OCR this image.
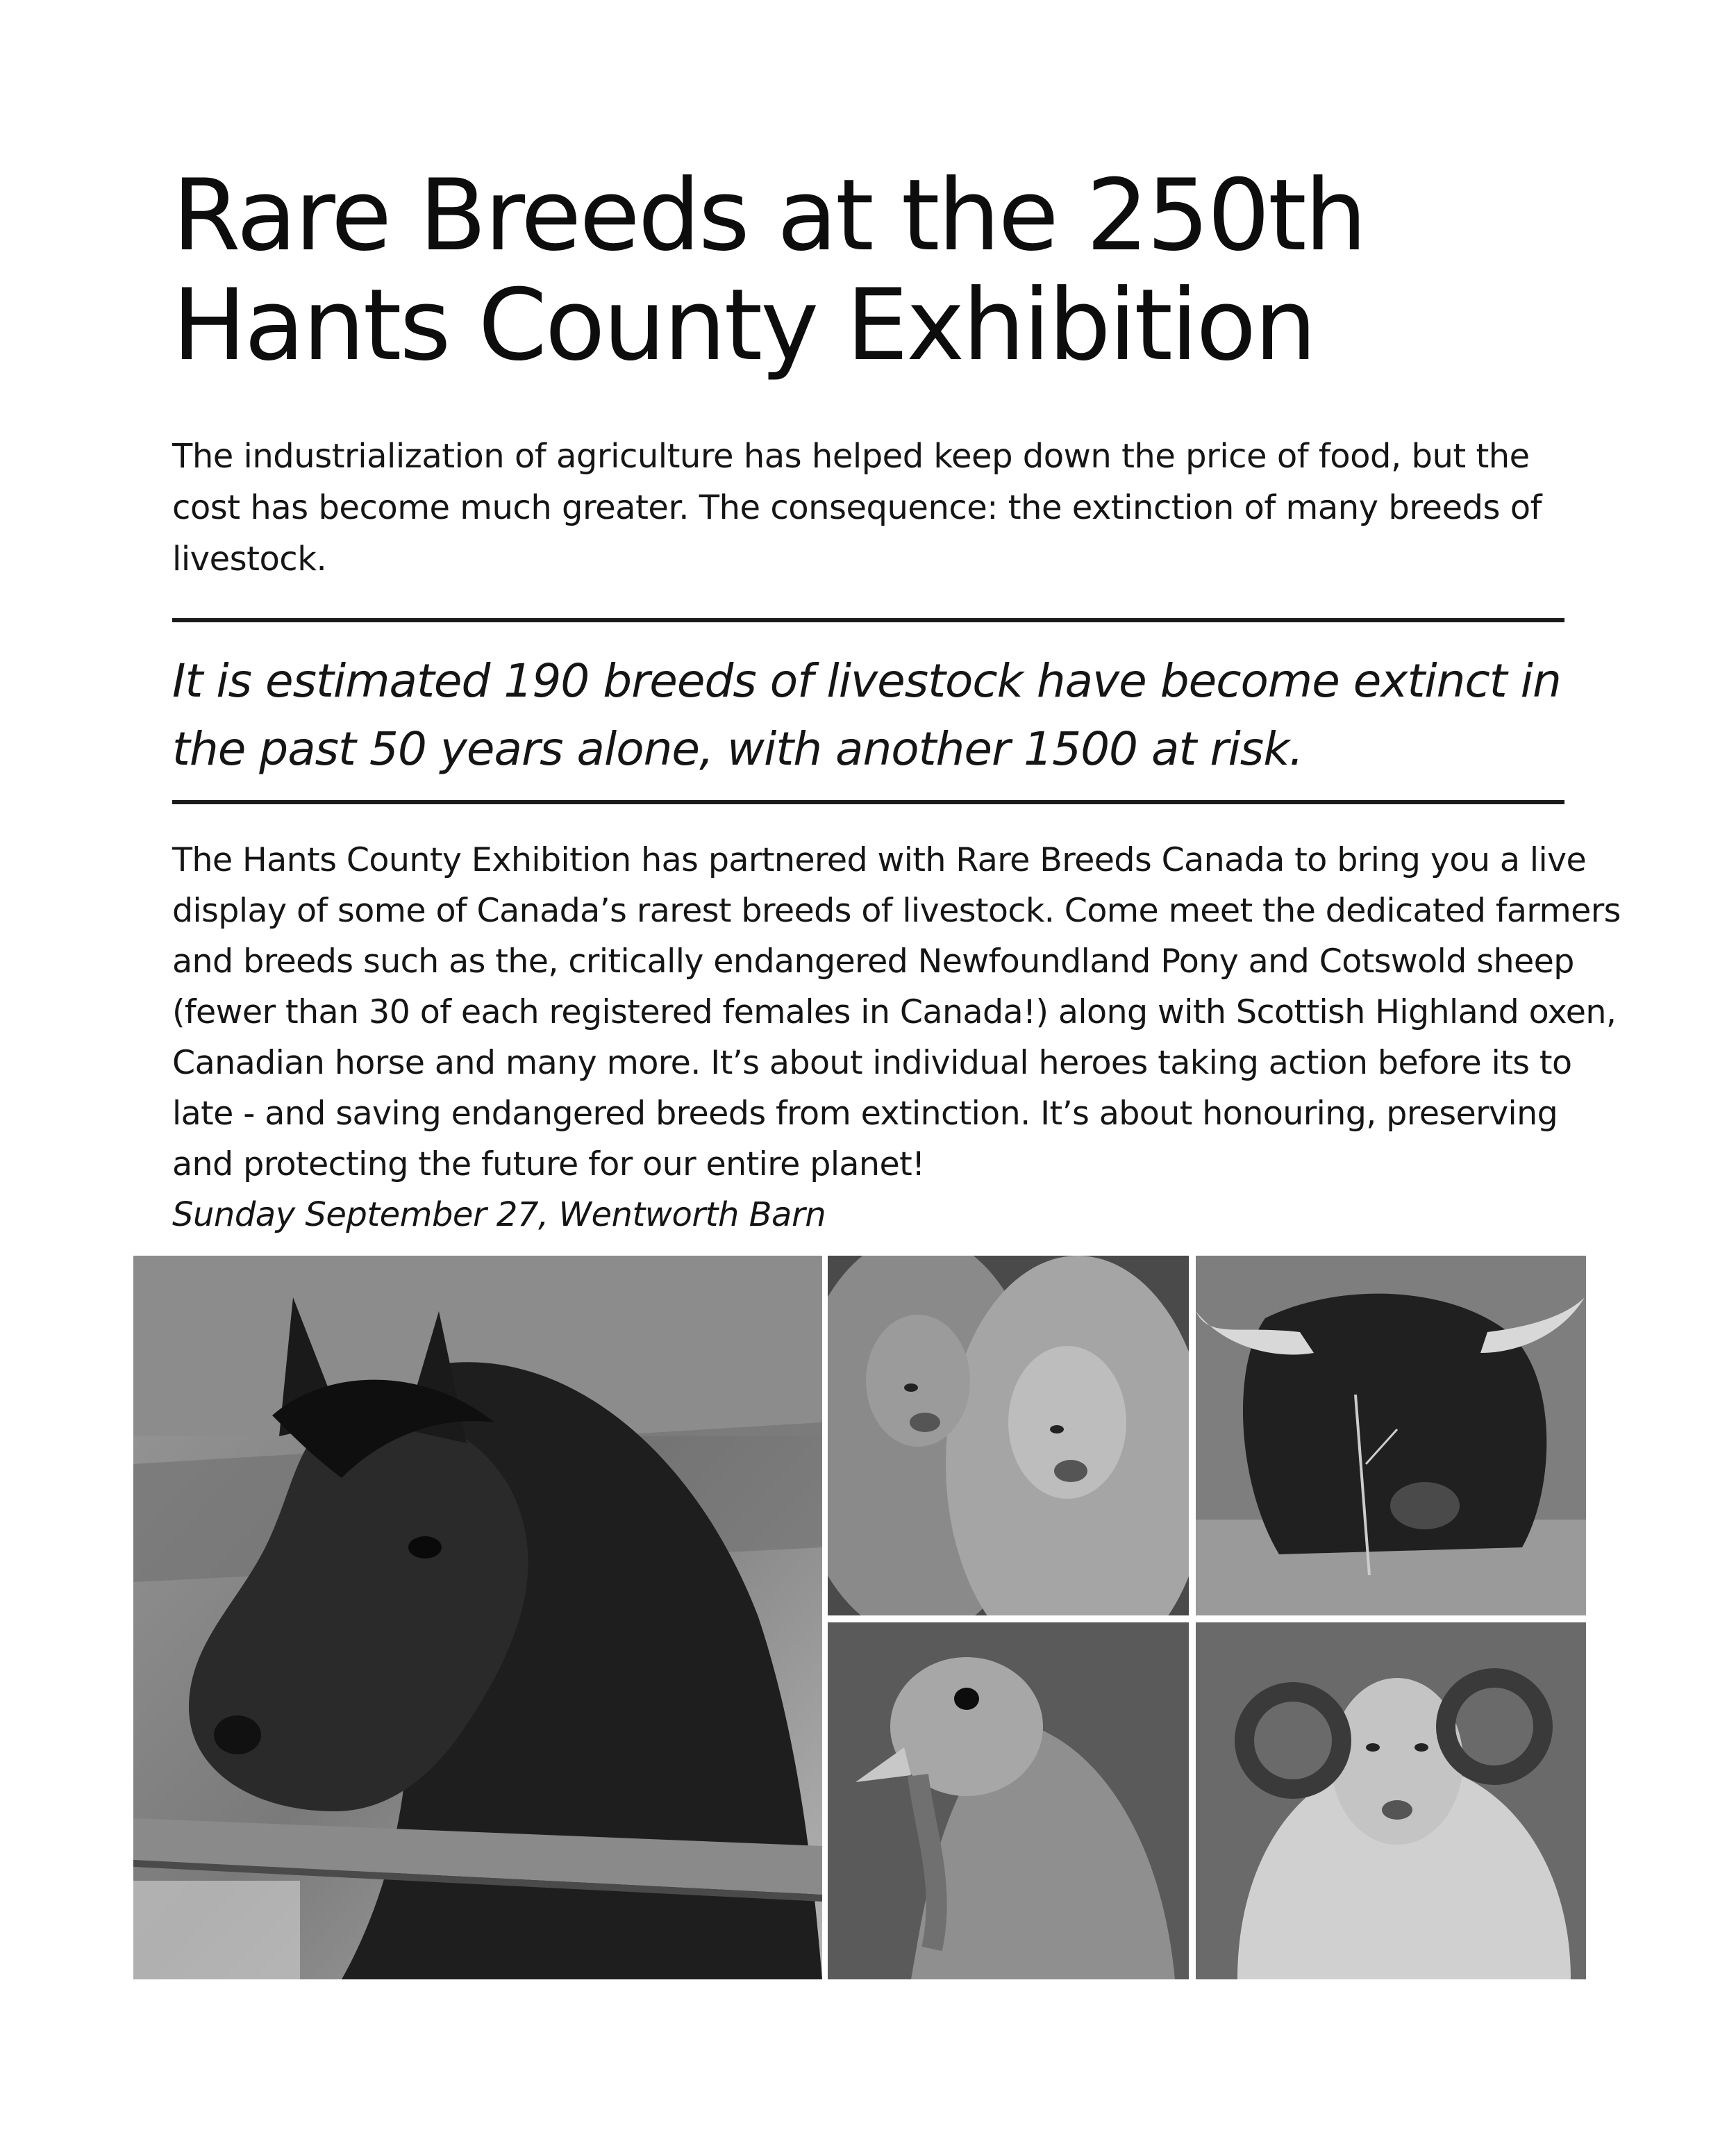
Rare Breeds at the 250th
Hants County Exhibition

The industrialization of agriculture has helped keep down the price of food, but the cost has become much greater. The consequence: the extinction of many breeds of livestock.

It is estimated 190 breeds of livestock have become extinct in the past 50 years alone, with another 1500 at risk.

The Hants County Exhibition has partnered with Rare Breeds Canada to bring you a live display of some of Canada’s rarest breeds of livestock. Come meet the dedicated farmers and breeds such as the, critically endangered Newfoundland Pony and Cotswold sheep (fewer than 30 of each registered females in Canada!) along with Scottish Highland oxen, Canadian horse and many more. It’s about individual heroes taking action before its to late - and saving endangered breeds from extinction. It’s about honouring, preserving and protecting the future for our entire planet!

Sunday September 27, Wentworth Barn
